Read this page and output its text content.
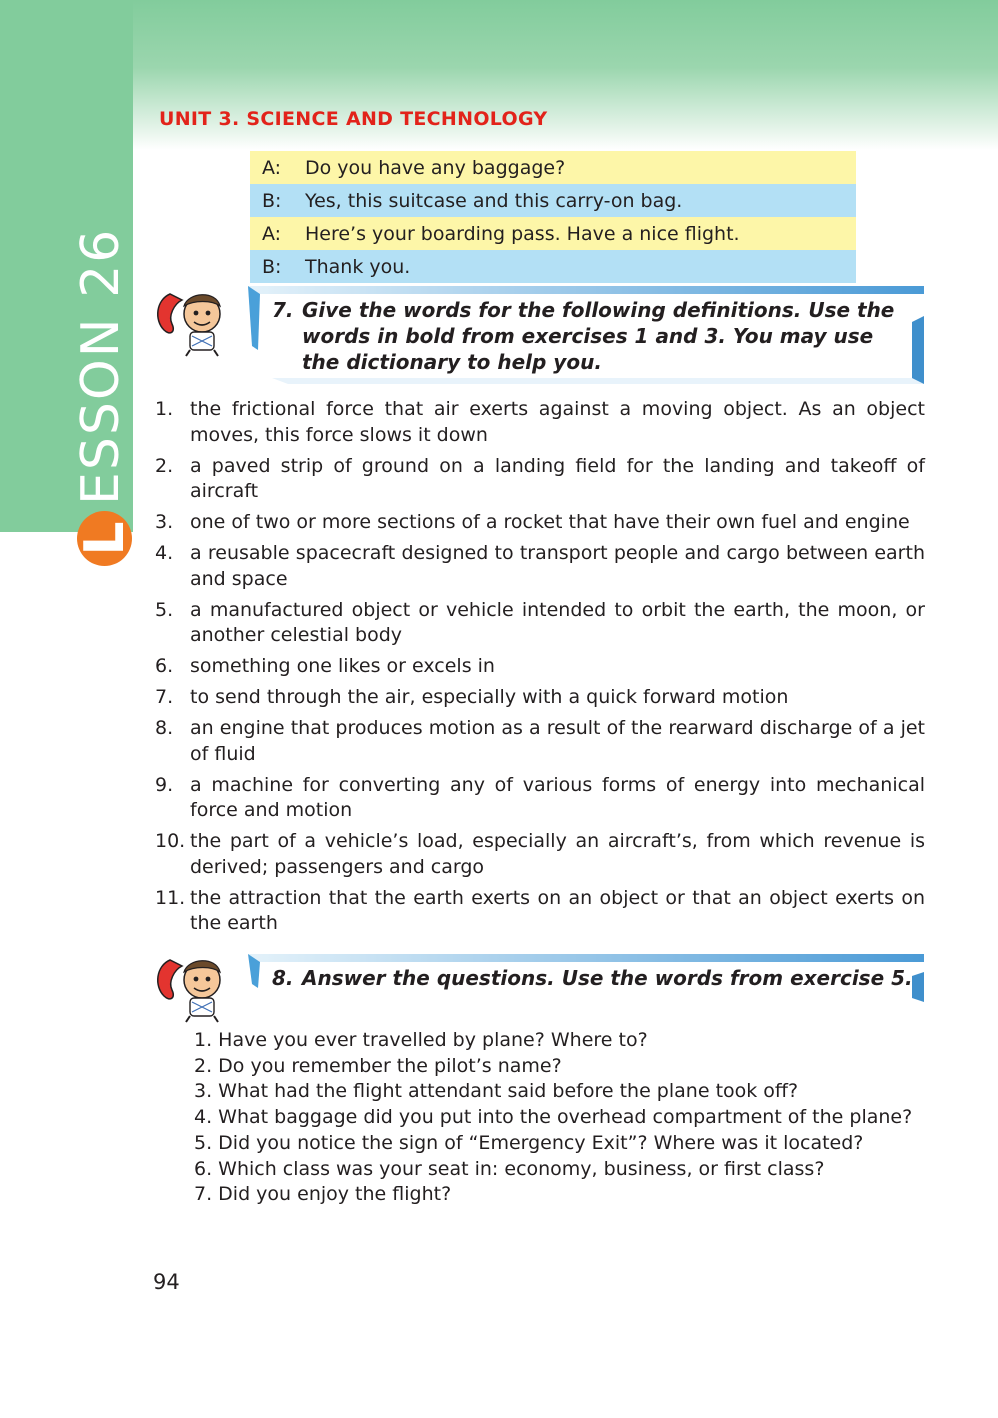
ESSON 26
L
UNIT 3. SCIENCE AND TECHNOLOGY
A:	Do you have any baggage?
B:	Yes, this suitcase and this carry-on bag.
A:	Here’s your boarding pass. Have a nice flight.
B:	Thank you.
7. Give the words for the following definitions. Use the words in bold from exercises 1 and 3. You may use the dictionary to help you.
1. the frictional force that air exerts against a moving object. As an object moves, this force slows it down
2. a paved strip of ground on a landing field for the landing and takeoff of aircraft
3. one of two or more sections of a rocket that have their own fuel and engine
4. a reusable spacecraft designed to transport people and cargo between earth and space
5. a manufactured object or vehicle intended to orbit the earth, the moon, or another celestial body
6. something one likes or excels in
7. to send through the air, especially with a quick forward motion
8. an engine that produces motion as a result of the rearward discharge of a jet of fluid
9. a machine for converting any of various forms of energy into mechanical force and motion
10. the part of a vehicle’s load, especially an aircraft’s, from which revenue is derived; passengers and cargo
11. the attraction that the earth exerts on an object or that an object exerts on the earth
8. Answer the questions. Use the words from exercise 5.
1. Have you ever travelled by plane? Where to?
2. Do you remember the pilot’s name?
3. What had the flight attendant said before the plane took off?
4. What baggage did you put into the overhead compartment of the plane?
5. Did you notice the sign of “Emergency Exit”? Where was it located?
6. Which class was your seat in: economy, business, or first class?
7. Did you enjoy the flight?
94
